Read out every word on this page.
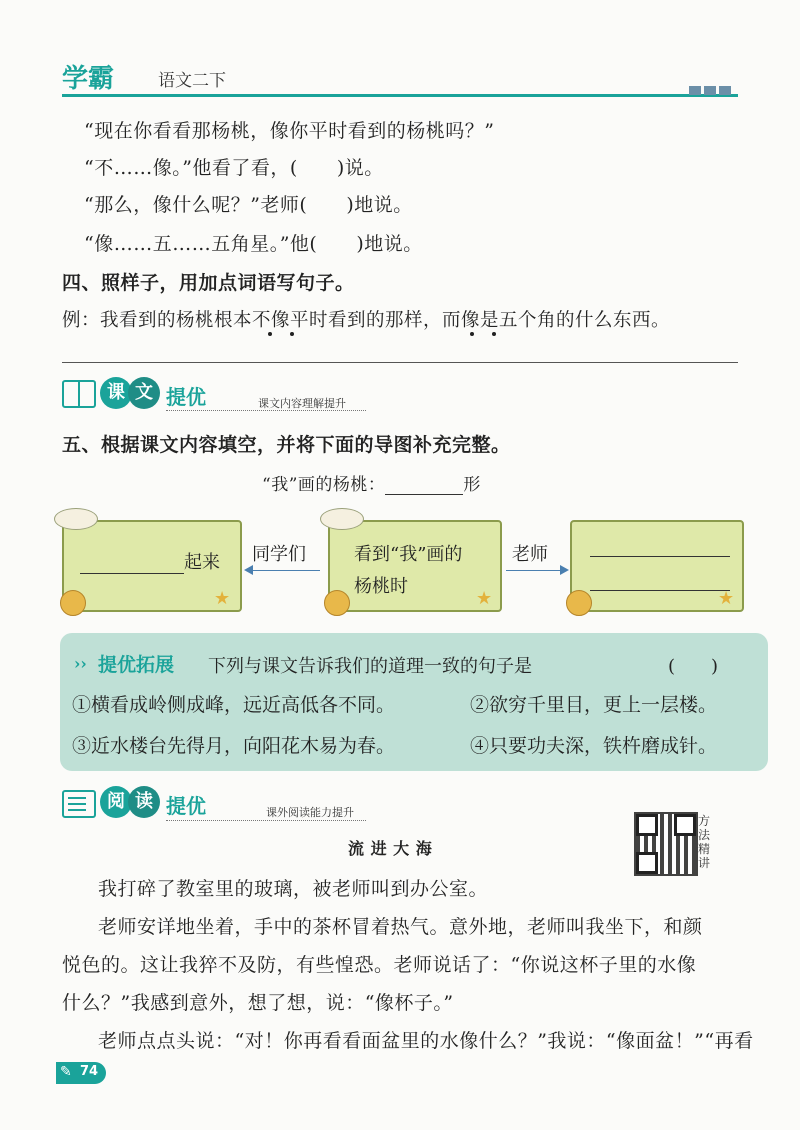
学霸	语文二下
“现在你看看那杨桃，像你平时看到的杨桃吗？”
“不……像。”他看了看，(　　)说。
“那么，像什么呢？”老师(　　)地说。
“像……五……五角星。”他(　　)地说。
四、照样子，用加点词语写句子。
例：我看到的杨桃根本不像平时看到的那样，而像是五个角的什么东西。
课 文 提优	课文内容理解提升
五、根据课文内容填空，并将下面的导图补充完整。
“我”画的杨桃：	形
★
起来 同学们
★
看到“我”画的
杨桃时
老师
★
›› 提优拓展 下列与课文告诉我们的道理一致的句子是	(　　)
①横看成岭侧成峰，远近高低各不同。	②欲穷千里目，更上一层楼。
③近水楼台先得月，向阳花木易为春。	④只要功夫深，铁杵磨成针。
阅 读 提优	课外阅读能力提升
方法精讲
流 进 大 海
我打碎了教室里的玻璃，被老师叫到办公室。
老师安详地坐着，手中的茶杯冒着热气。意外地，老师叫我坐下，和颜
悦色的。这让我猝不及防，有些惶恐。老师说话了：“你说这杯子里的水像
什么？”我感到意外，想了想，说：“像杯子。”
老师点点头说：“对！你再看看面盆里的水像什么？”我说：“像面盆！”“再看
✎ 74
